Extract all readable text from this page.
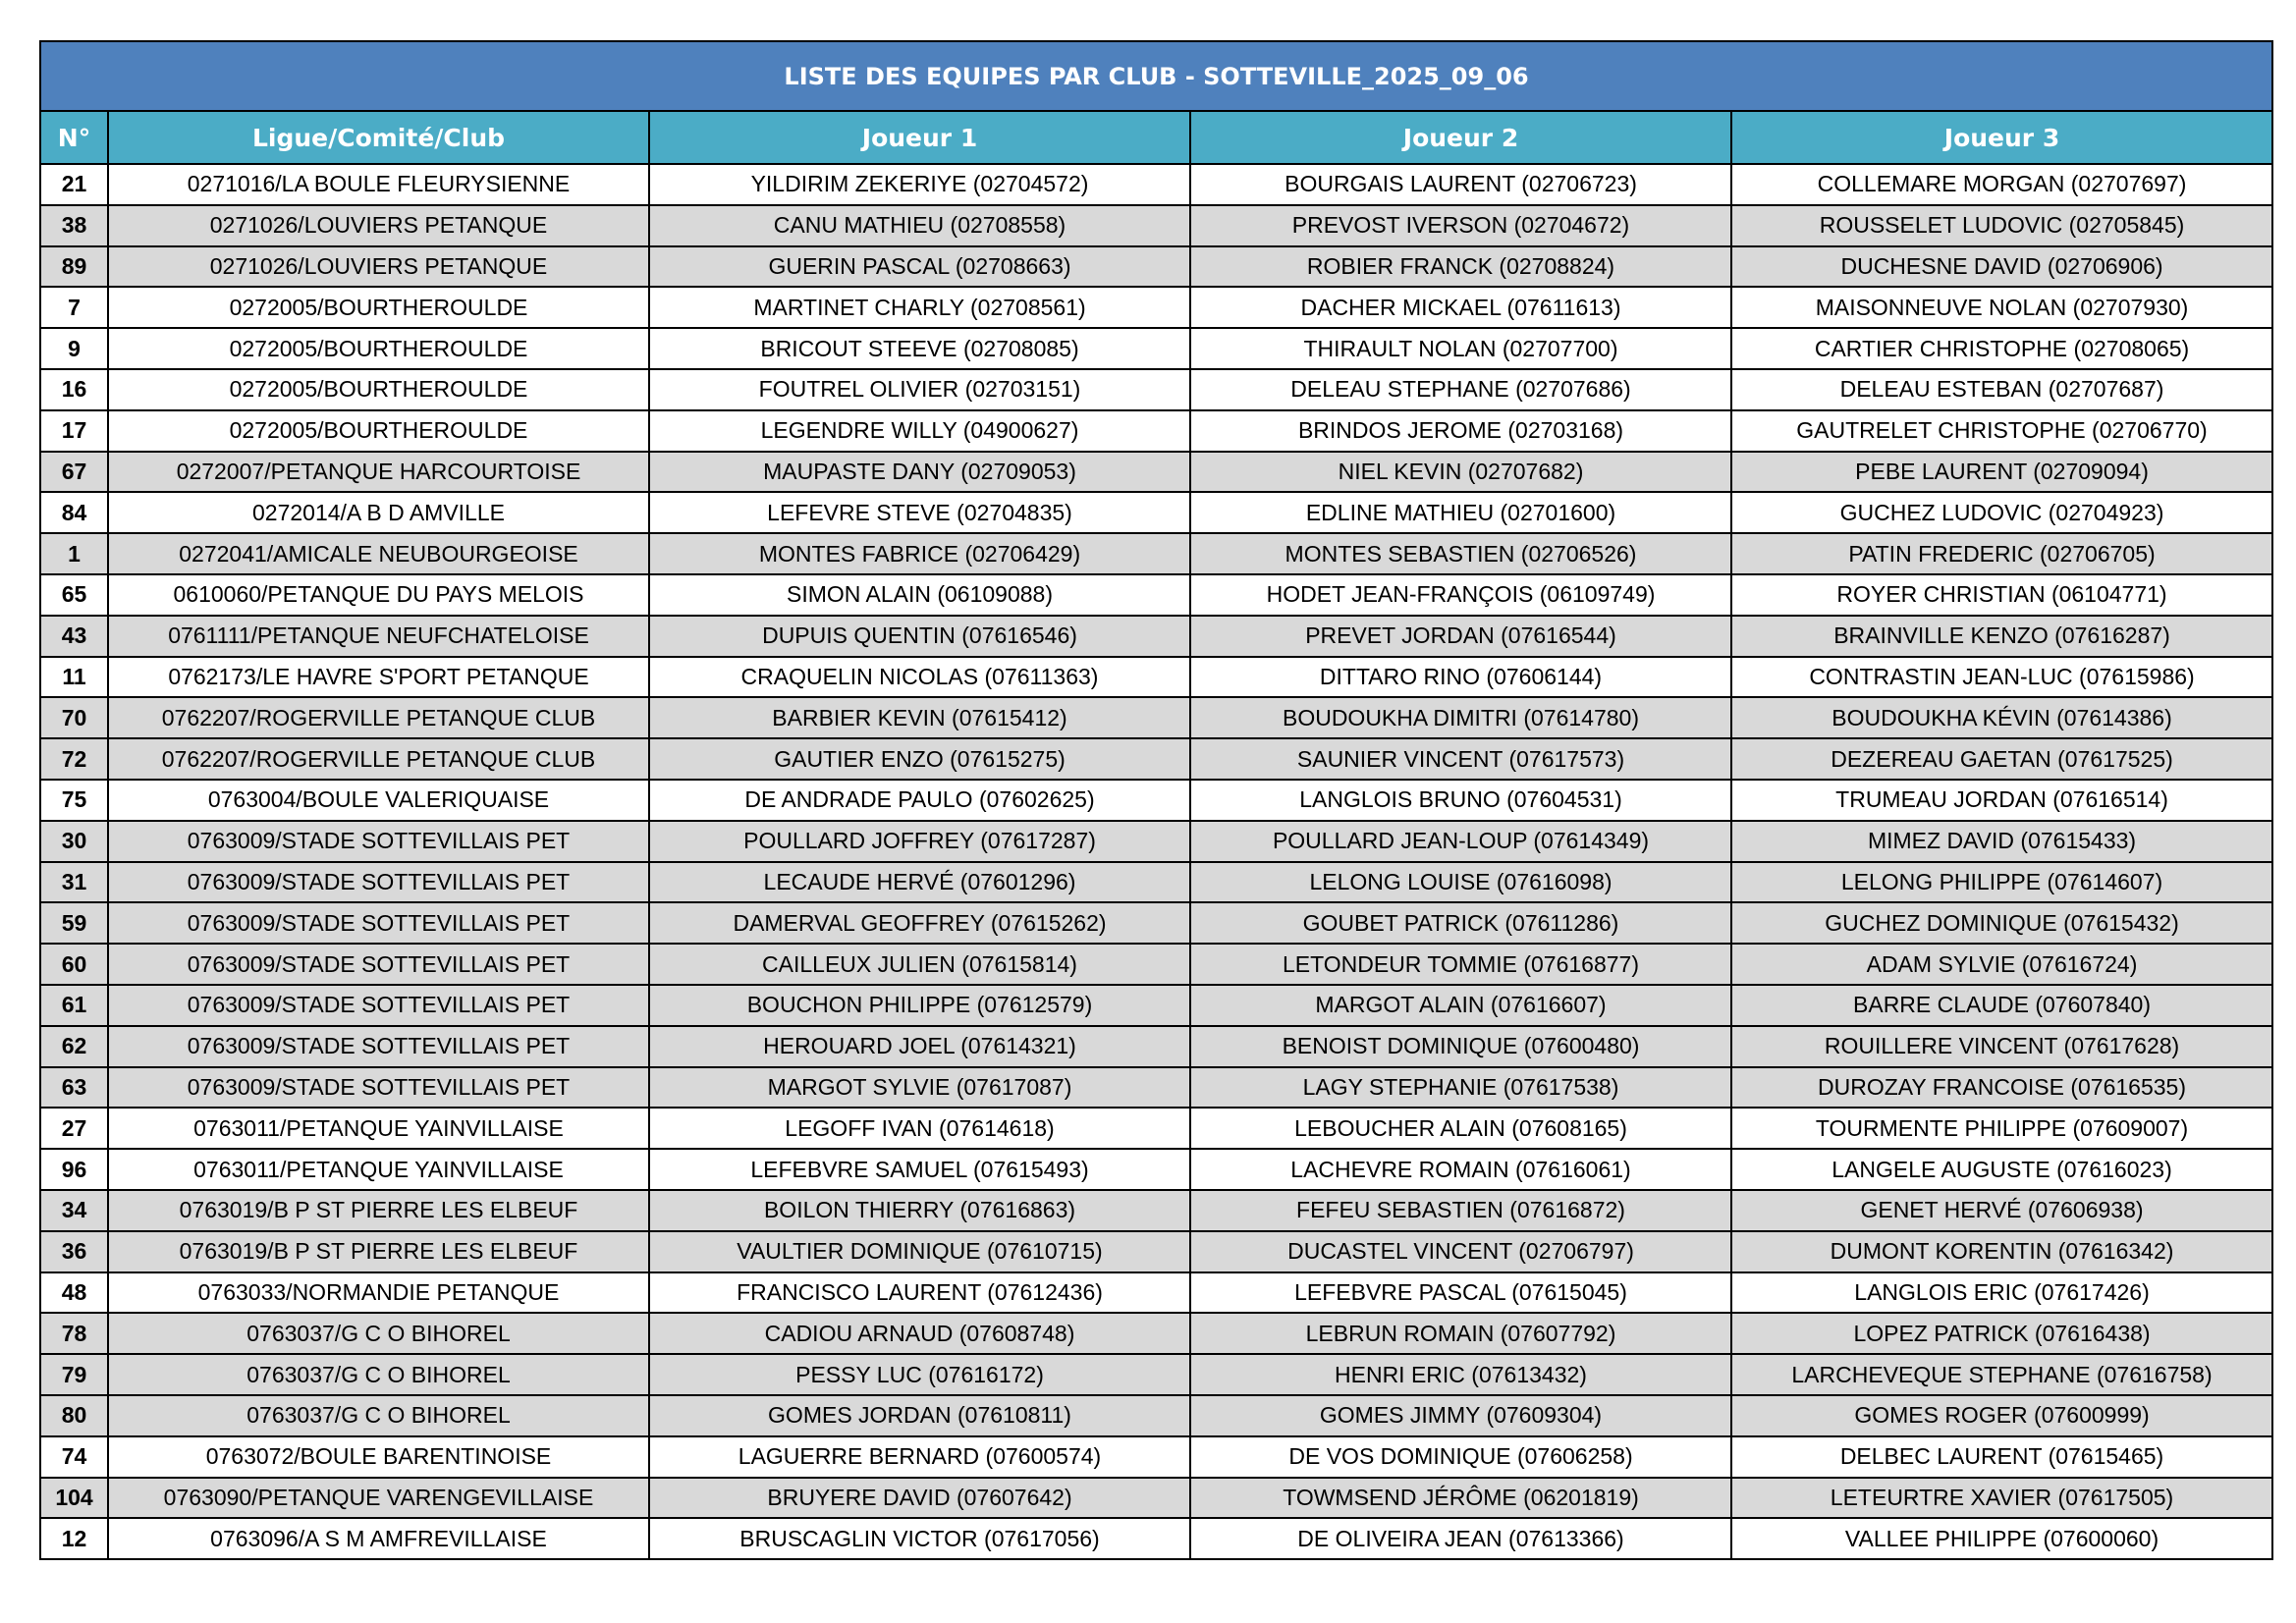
LISTE DES EQUIPES PAR CLUB - SOTTEVILLE_2025_09_06				
N°	Ligue/Comité/Club	Joueur 1	Joueur 2	Joueur 3
21	0271016/LA BOULE FLEURYSIENNE	YILDIRIM ZEKERIYE (02704572)	BOURGAIS LAURENT (02706723)	COLLEMARE MORGAN (02707697)
38	0271026/LOUVIERS PETANQUE	CANU MATHIEU (02708558)	PREVOST IVERSON (02704672)	ROUSSELET LUDOVIC (02705845)
89	0271026/LOUVIERS PETANQUE	GUERIN PASCAL (02708663)	ROBIER FRANCK (02708824)	DUCHESNE DAVID (02706906)
7	0272005/BOURTHEROULDE	MARTINET CHARLY (02708561)	DACHER MICKAEL (07611613)	MAISONNEUVE NOLAN (02707930)
9	0272005/BOURTHEROULDE	BRICOUT STEEVE (02708085)	THIRAULT NOLAN (02707700)	CARTIER CHRISTOPHE (02708065)
16	0272005/BOURTHEROULDE	FOUTREL OLIVIER (02703151)	DELEAU STEPHANE (02707686)	DELEAU ESTEBAN (02707687)
17	0272005/BOURTHEROULDE	LEGENDRE WILLY (04900627)	BRINDOS JEROME (02703168)	GAUTRELET CHRISTOPHE (02706770)
67	0272007/PETANQUE HARCOURTOISE	MAUPASTE DANY (02709053)	NIEL KEVIN (02707682)	PEBE LAURENT (02709094)
84	0272014/A B D AMVILLE	LEFEVRE STEVE (02704835)	EDLINE MATHIEU (02701600)	GUCHEZ LUDOVIC (02704923)
1	0272041/AMICALE NEUBOURGEOISE	MONTES FABRICE (02706429)	MONTES SEBASTIEN (02706526)	PATIN FREDERIC (02706705)
65	0610060/PETANQUE DU PAYS MELOIS	SIMON ALAIN (06109088)	HODET JEAN-FRANÇOIS (06109749)	ROYER CHRISTIAN (06104771)
43	0761111/PETANQUE NEUFCHATELOISE	DUPUIS QUENTIN (07616546)	PREVET JORDAN (07616544)	BRAINVILLE KENZO (07616287)
11	0762173/LE HAVRE S'PORT PETANQUE	CRAQUELIN NICOLAS (07611363)	DITTARO RINO (07606144)	CONTRASTIN JEAN-LUC (07615986)
70	0762207/ROGERVILLE PETANQUE CLUB	BARBIER KEVIN (07615412)	BOUDOUKHA DIMITRI (07614780)	BOUDOUKHA KÉVIN (07614386)
72	0762207/ROGERVILLE PETANQUE CLUB	GAUTIER ENZO (07615275)	SAUNIER VINCENT (07617573)	DEZEREAU GAETAN (07617525)
75	0763004/BOULE VALERIQUAISE	DE ANDRADE PAULO (07602625)	LANGLOIS BRUNO (07604531)	TRUMEAU JORDAN (07616514)
30	0763009/STADE SOTTEVILLAIS PET	POULLARD JOFFREY (07617287)	POULLARD JEAN-LOUP (07614349)	MIMEZ DAVID (07615433)
31	0763009/STADE SOTTEVILLAIS PET	LECAUDE HERVÉ (07601296)	LELONG LOUISE (07616098)	LELONG PHILIPPE (07614607)
59	0763009/STADE SOTTEVILLAIS PET	DAMERVAL GEOFFREY (07615262)	GOUBET PATRICK (07611286)	GUCHEZ DOMINIQUE (07615432)
60	0763009/STADE SOTTEVILLAIS PET	CAILLEUX JULIEN (07615814)	LETONDEUR TOMMIE (07616877)	ADAM SYLVIE (07616724)
61	0763009/STADE SOTTEVILLAIS PET	BOUCHON PHILIPPE (07612579)	MARGOT ALAIN (07616607)	BARRE CLAUDE (07607840)
62	0763009/STADE SOTTEVILLAIS PET	HEROUARD JOEL (07614321)	BENOIST DOMINIQUE (07600480)	ROUILLERE VINCENT (07617628)
63	0763009/STADE SOTTEVILLAIS PET	MARGOT SYLVIE (07617087)	LAGY STEPHANIE (07617538)	DUROZAY FRANCOISE (07616535)
27	0763011/PETANQUE YAINVILLAISE	LEGOFF IVAN (07614618)	LEBOUCHER ALAIN (07608165)	TOURMENTE PHILIPPE (07609007)
96	0763011/PETANQUE YAINVILLAISE	LEFEBVRE SAMUEL (07615493)	LACHEVRE ROMAIN (07616061)	LANGELE AUGUSTE (07616023)
34	0763019/B P ST PIERRE LES ELBEUF	BOILON THIERRY (07616863)	FEFEU SEBASTIEN (07616872)	GENET HERVÉ (07606938)
36	0763019/B P ST PIERRE LES ELBEUF	VAULTIER DOMINIQUE (07610715)	DUCASTEL VINCENT (02706797)	DUMONT KORENTIN (07616342)
48	0763033/NORMANDIE PETANQUE	FRANCISCO LAURENT (07612436)	LEFEBVRE PASCAL (07615045)	LANGLOIS ERIC (07617426)
78	0763037/G C O BIHOREL	CADIOU ARNAUD (07608748)	LEBRUN ROMAIN (07607792)	LOPEZ PATRICK (07616438)
79	0763037/G C O BIHOREL	PESSY LUC (07616172)	HENRI ERIC (07613432)	LARCHEVEQUE STEPHANE (07616758)
80	0763037/G C O BIHOREL	GOMES JORDAN (07610811)	GOMES JIMMY (07609304)	GOMES ROGER (07600999)
74	0763072/BOULE BARENTINOISE	LAGUERRE BERNARD (07600574)	DE VOS DOMINIQUE (07606258)	DELBEC LAURENT (07615465)
104	0763090/PETANQUE VARENGEVILLAISE	BRUYERE DAVID (07607642)	TOWMSEND JÉRÔME (06201819)	LETEURTRE XAVIER (07617505)
12	0763096/A S M AMFREVILLAISE	BRUSCAGLIN VICTOR (07617056)	DE OLIVEIRA JEAN (07613366)	VALLEE PHILIPPE (07600060)
